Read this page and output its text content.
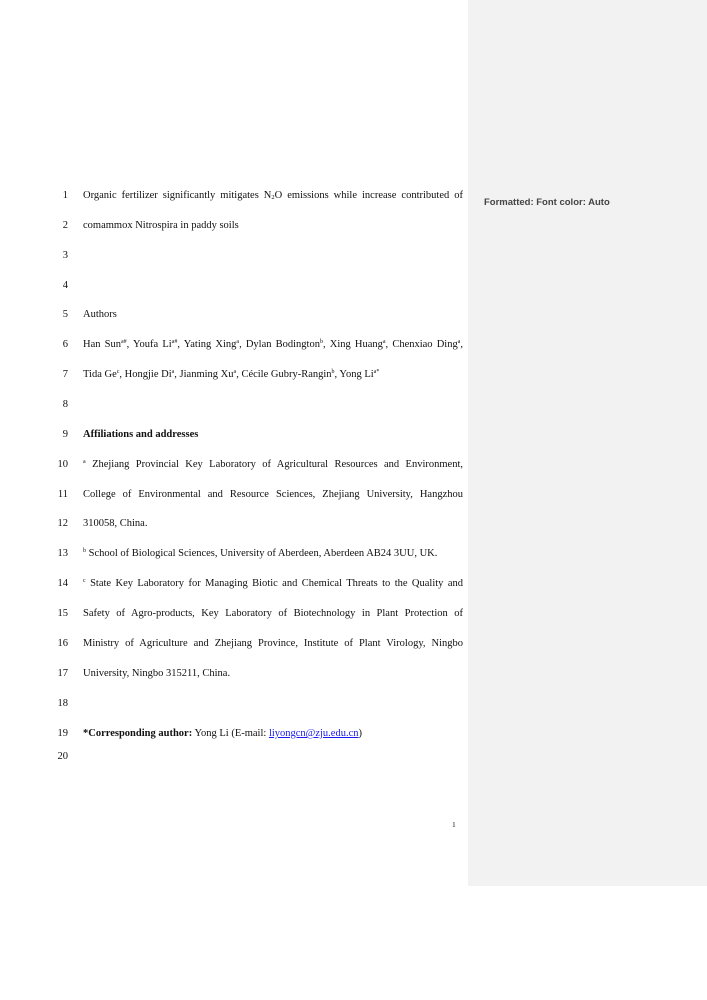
Formatted: Font color: Auto
1 Organic fertilizer significantly mitigates $N_2O$ emissions while increase contributed of
2 comammox Nitrospira in paddy soils
3
4
5 Authors
6 Han Sun$^{a\#}$, Youfa $Li^{a\#}$, Yating Xing$^a$, Dylan Bodington$^b$, Xing Huang$^a$, Chenxiao Ding$^a$,
7 Tida Ge$^c$, Hongjie Di$^a$, Jianming Xu$^a$, Cécile Gubry-Rangin$^b$, Yong $Li^{a*}$
8
9 Affiliations and addresses
10	$^a$ Zhejiang Provincial Key Laboratory of Agricultural Resources and Environment,
11 College of Environmental and Resource Sciences, Zhejiang University, Hangzhou
12 310058, China.
13	$^b$ School of Biological Sciences, University of Aberdeen, Aberdeen AB24 3UU, UK.
14	$^c$ State Key Laboratory for Managing Biotic and Chemical Threats to the Quality and
15 Safety of Agro-products, Key Laboratory of Biotechnology in Plant Protection of
16 Ministry of Agriculture and Zhejiang Province, Institute of Plant Virology, Ningbo
17 University, Ningbo 315211, China.
18
19 *Corresponding author: Yong Li (E-mail: liyongcn@zju.edu.cn)
20
1
